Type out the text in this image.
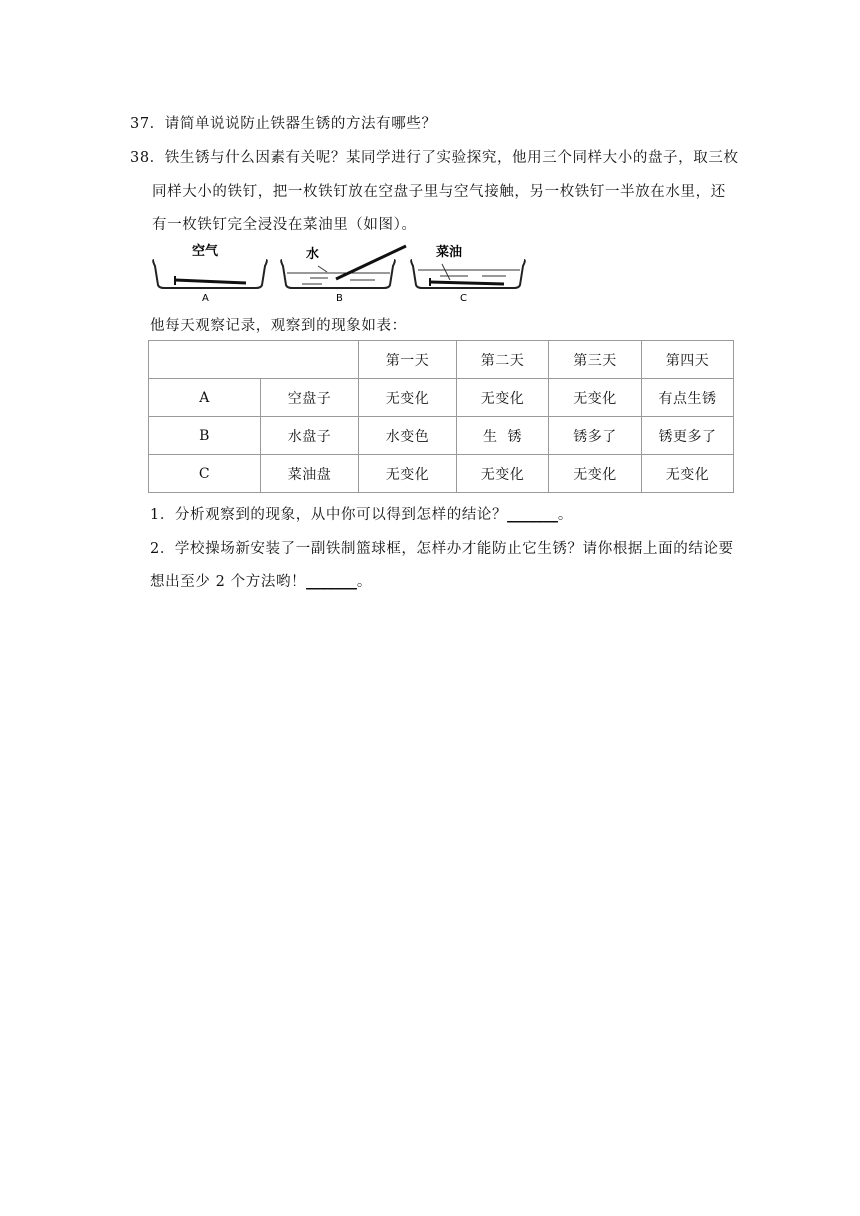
37．请简单说说防止铁器生锈的方法有哪些？
38．铁生锈与什么因素有关呢？某同学进行了实验探究，他用三个同样大小的盘子，取三枚
同样大小的铁钉，把一枚铁钉放在空盘子里与空气接触，另一枚铁钉一半放在水里，还
有一枚铁钉完全浸没在菜油里（如图）。
空气
A
水
B
菜油
C
他每天观察记录，观察到的现象如表：
		第一天	第二天	第三天	第四天
A	空盘子	无变化	无变化	无变化	有点生锈
B	水盘子	水变色	生  锈	锈多了	锈更多了
C	菜油盘	无变化	无变化	无变化	无变化
1．分析观察到的现象，从中你可以得到怎样的结论？_______。
2．学校操场新安装了一副铁制篮球框，怎样办才能防止它生锈？请你根据上面的结论要
想出至少 2 个方法哟！_______。
